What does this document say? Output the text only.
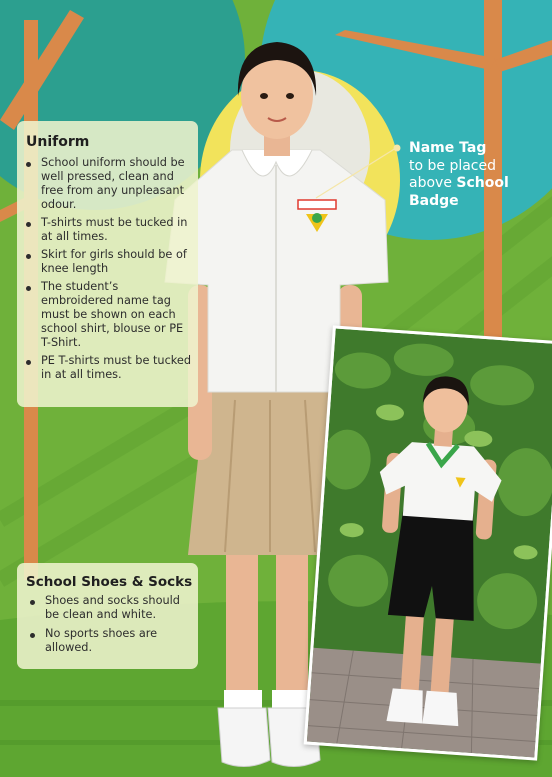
Uniform
School uniform should be well pressed, clean and free from any unpleasant odour.
T-shirts must be tucked in at all times.
Skirt for girls should be of knee length
The student’s embroidered name tag must be shown on each school shirt, blouse or PE T-Shirt.
PE T-shirts must be tucked in at all times.
Name Tag
to be placed
above School
Badge
School Shoes & Socks
Shoes and socks should be clean and white.
No sports shoes are allowed.
